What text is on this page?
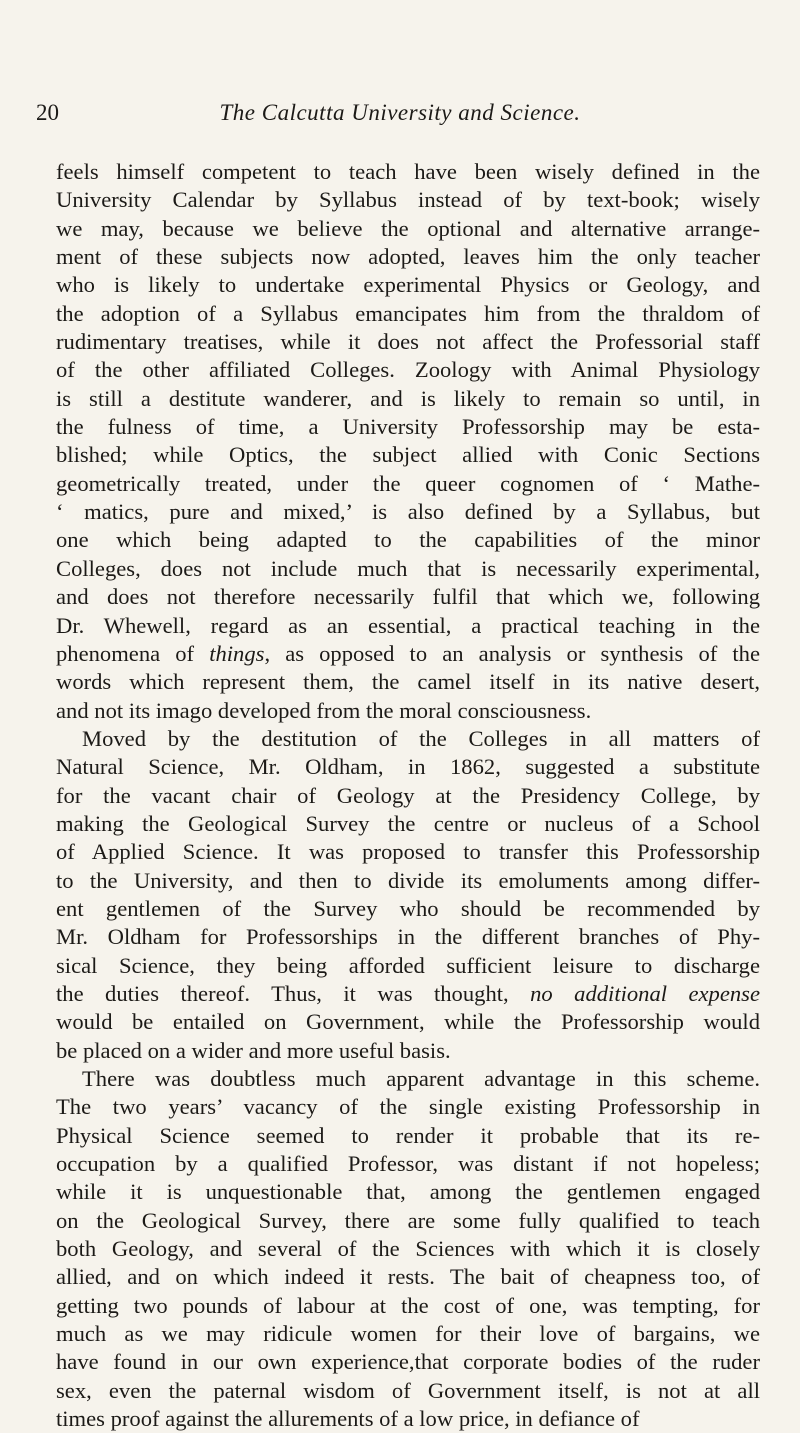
20	The Calcutta University and Science.
feels himself competent to teach have been wisely defined in the
University Calendar by Syllabus instead of by text-book; wisely
we may, because we believe the optional and alternative arrange-
ment of these subjects now adopted, leaves him the only teacher
who is likely to undertake experimental Physics or Geology, and
the adoption of a Syllabus emancipates him from the thraldom of
rudimentary treatises, while it does not affect the Professorial staff
of the other affiliated Colleges. Zoology with Animal Physiology
is still a destitute wanderer, and is likely to remain so until, in
the fulness of time, a University Professorship may be esta-
blished; while Optics, the subject allied with Conic Sections
geometrically treated, under the queer cognomen of ‘ Mathe-
‘ matics, pure and mixed,’ is also defined by a Syllabus, but
one which being adapted to the capabilities of the minor
Colleges, does not include much that is necessarily experimental,
and does not therefore necessarily fulfil that which we, following
Dr. Whewell, regard as an essential, a practical teaching in the
phenomena of things, as opposed to an analysis or synthesis of the
words which represent them, the camel itself in its native desert,
and not its imago developed from the moral consciousness.
Moved by the destitution of the Colleges in all matters of
Natural Science, Mr. Oldham, in 1862, suggested a substitute
for the vacant chair of Geology at the Presidency College, by
making the Geological Survey the centre or nucleus of a School
of Applied Science. It was proposed to transfer this Professorship
to the University, and then to divide its emoluments among differ-
ent gentlemen of the Survey who should be recommended by
Mr. Oldham for Professorships in the different branches of Phy-
sical Science, they being afforded sufficient leisure to discharge
the duties thereof. Thus, it was thought, no additional expense
would be entailed on Government, while the Professorship would
be placed on a wider and more useful basis.
There was doubtless much apparent advantage in this scheme.
The two years’ vacancy of the single existing Professorship in
Physical Science seemed to render it probable that its re-
occupation by a qualified Professor, was distant if not hopeless;
while it is unquestionable that, among the gentlemen engaged
on the Geological Survey, there are some fully qualified to teach
both Geology, and several of the Sciences with which it is closely
allied, and on which indeed it rests. The bait of cheapness too, of
getting two pounds of labour at the cost of one, was tempting, for
much as we may ridicule women for their love of bargains, we
have found in our own experience,that corporate bodies of the ruder
sex, even the paternal wisdom of Government itself, is not at all
times proof against the allurements of a low price, in defiance of
